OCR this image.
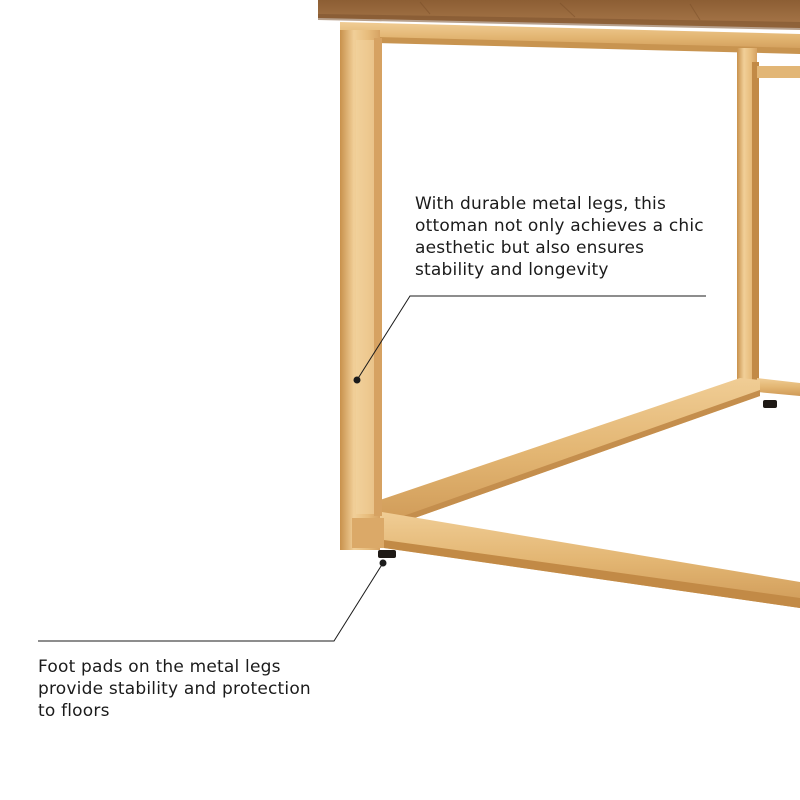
With durable metal legs, this
ottoman not only achieves a chic
aesthetic but also ensures
stability and longevity

Foot pads on the metal legs
provide stability and protection
to floors
